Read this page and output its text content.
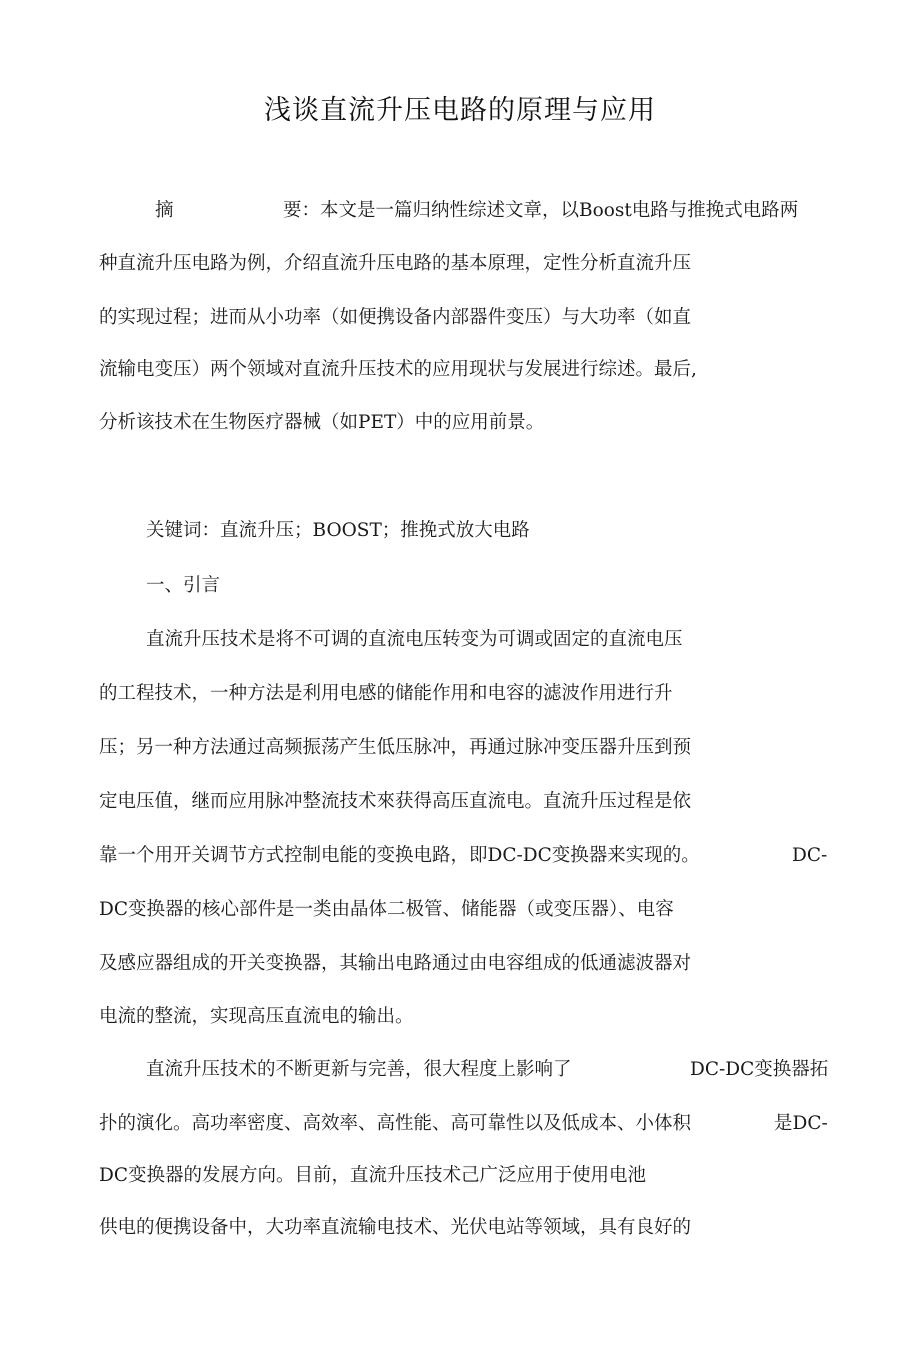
浅谈直流升压电路的原理与应用
摘	要： 本文是一篇归纳性综述文章，以Boost电路与推挽式电路两
种直流升压电路为例，介绍直流升压电路的基本原理，定性分析直流升压
的实现过程；进而从小功率（如便携设备内部器件变压）与大功率（如直
流输电变压）两个领域对直流升压技术的应用现状与发展进行综述。最后,
分析该技术在生物医疗器械（如PET）中的应用前景。
关键词：直流升压；BOOST；推挽式放大电路
一、引言
直流升压技术是将不可调的直流电压转变为可调或固定的直流电压
的工程技术，一种方法是利用电感的储能作用和电容的滤波作用进行升
压；另一种方法通过高频振荡产生低压脉冲，再通过脉冲变压器升压到预
定电压值，继而应用脉冲整流技术來获得高压直流电。直流升压过程是依
靠一个用开关调节方式控制电能的变换电路，即DC-DC变换器来实现的。	DC-
DC变换器的核心部件是一类由晶体二极管、储能器（或变压器）、电容
及感应器组成的开关变换器，其输出电路通过由电容组成的低通滤波器对
电流的整流，实现高压直流电的输出。
直流升压技术的不断更新与完善，很大程度上影响了	DC-DC变换器拓
扑的演化。高功率密度、高效率、高性能、高可靠性以及低成本、小体积	是DC-
DC变换器的发展方向。目前，直流升压技术己广泛应用于使用电池
供电的便携设备中，大功率直流输电技术、光伏电站等领域，具有良好的
